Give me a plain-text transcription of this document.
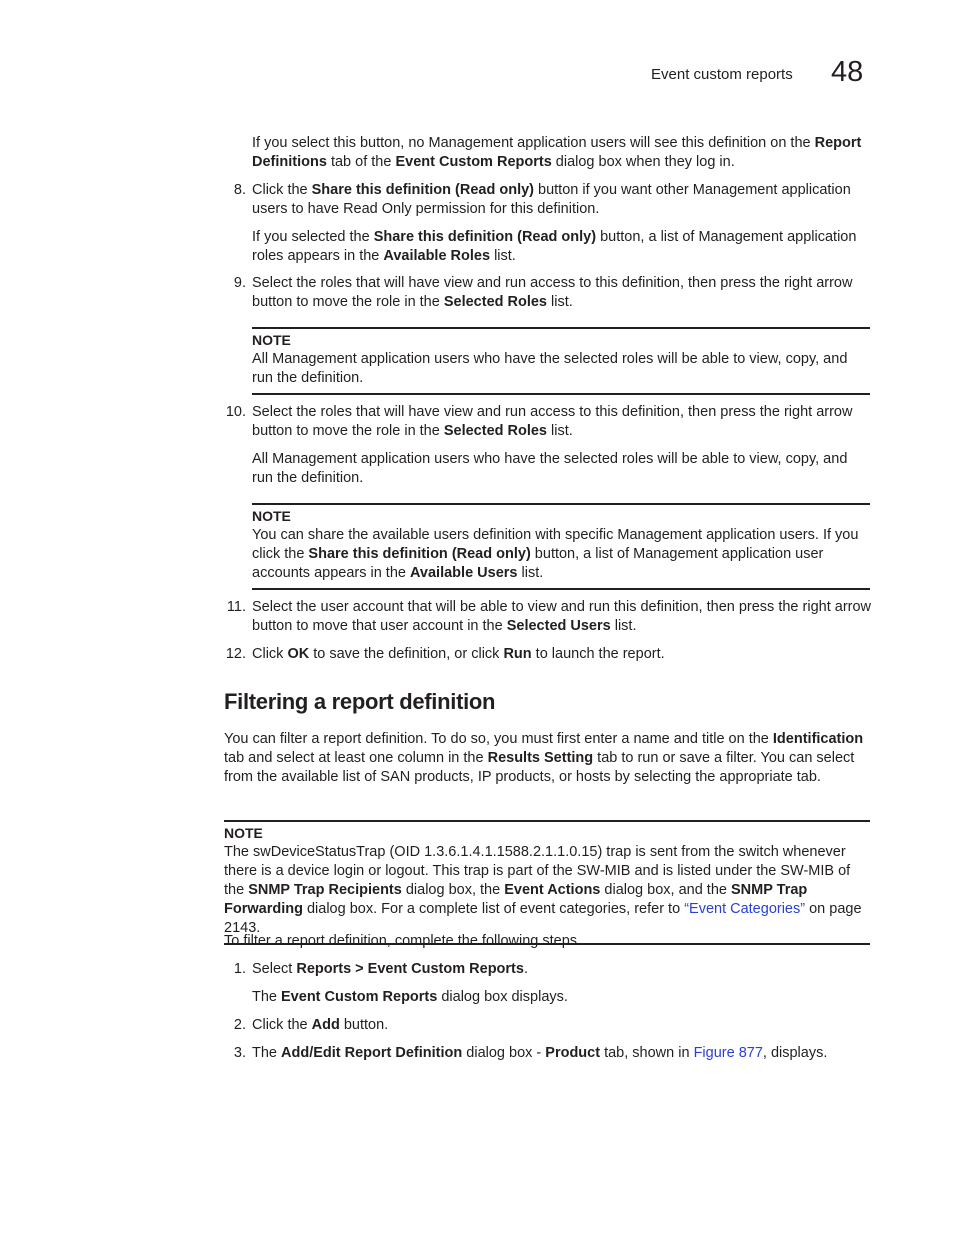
Event custom reports 48
If you select this button, no Management application users will see this definition on the Report Definitions tab of the Event Custom Reports dialog box when they log in.
8. Click the Share this definition (Read only) button if you want other Management application users to have Read Only permission for this definition.
If you selected the Share this definition (Read only) button, a list of Management application roles appears in the Available Roles list.
9. Select the roles that will have view and run access to this definition, then press the right arrow button to move the role in the Selected Roles list.
NOTE
All Management application users who have the selected roles will be able to view, copy, and run the definition.
10. Select the roles that will have view and run access to this definition, then press the right arrow button to move the role in the Selected Roles list.
All Management application users who have the selected roles will be able to view, copy, and run the definition.
NOTE
You can share the available users definition with specific Management application users. If you click the Share this definition (Read only) button, a list of Management application user accounts appears in the Available Users list.
11. Select the user account that will be able to view and run this definition, then press the right arrow button to move that user account in the Selected Users list.
12. Click OK to save the definition, or click Run to launch the report.
Filtering a report definition
You can filter a report definition. To do so, you must first enter a name and title on the Identification tab and select at least one column in the Results Setting tab to run or save a filter. You can select from the available list of SAN products, IP products, or hosts by selecting the appropriate tab.
NOTE
The swDeviceStatusTrap (OID 1.3.6.1.4.1.1588.2.1.1.0.15) trap is sent from the switch whenever there is a device login or logout. This trap is part of the SW-MIB and is listed under the SW-MIB of the SNMP Trap Recipients dialog box, the Event Actions dialog box, and the SNMP Trap Forwarding dialog box. For a complete list of event categories, refer to “Event Categories” on page 2143.
To filter a report definition, complete the following steps.
1. Select Reports > Event Custom Reports.
The Event Custom Reports dialog box displays.
2. Click the Add button.
3. The Add/Edit Report Definition dialog box - Product tab, shown in Figure 877, displays.
